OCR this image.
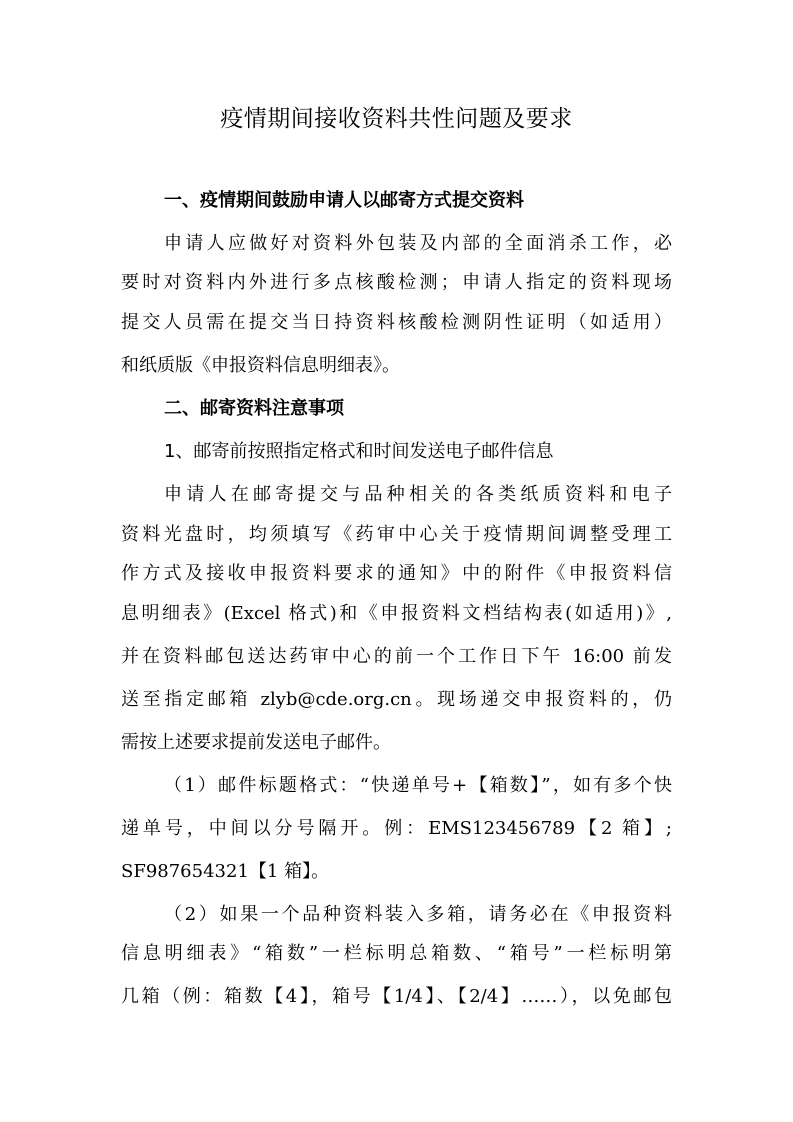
疫情期间接收资料共性问题及要求
一、疫情期间鼓励申请人以邮寄方式提交资料
申请人应做好对资料外包装及内部的全面消杀工作，必
要时对资料内外进行多点核酸检测；申请人指定的资料现场
提交人员需在提交当日持资料核酸检测阴性证明（如适用）
和纸质版《申报资料信息明细表》。
二、邮寄资料注意事项
1、邮寄前按照指定格式和时间发送电子邮件信息
申请人在邮寄提交与品种相关的各类纸质资料和电子
资料光盘时，均须填写《药审中心关于疫情期间调整受理工
作方式及接收申报资料要求的通知》中的附件《申报资料信
息明细表》(Excel 格式)和《申报资料文档结构表(如适用)》,
并在资料邮包送达药审中心的前一个工作日下午 16:00 前发
送至指定邮箱 zlyb@cde.org.cn。现场递交申报资料的，仍
需按上述要求提前发送电子邮件。
（1）邮件标题格式：“快递单号+【箱数】”，如有多个快
递单号，中间以分号隔开。例：EMS123456789【2 箱】;
SF987654321【1 箱】。
（2）如果一个品种资料装入多箱，请务必在《申报资料
信息明细表》“箱数”一栏标明总箱数、“箱号”一栏标明第
几箱（例：箱数【4】，箱号【1/4】、【2/4】……），以免邮包
